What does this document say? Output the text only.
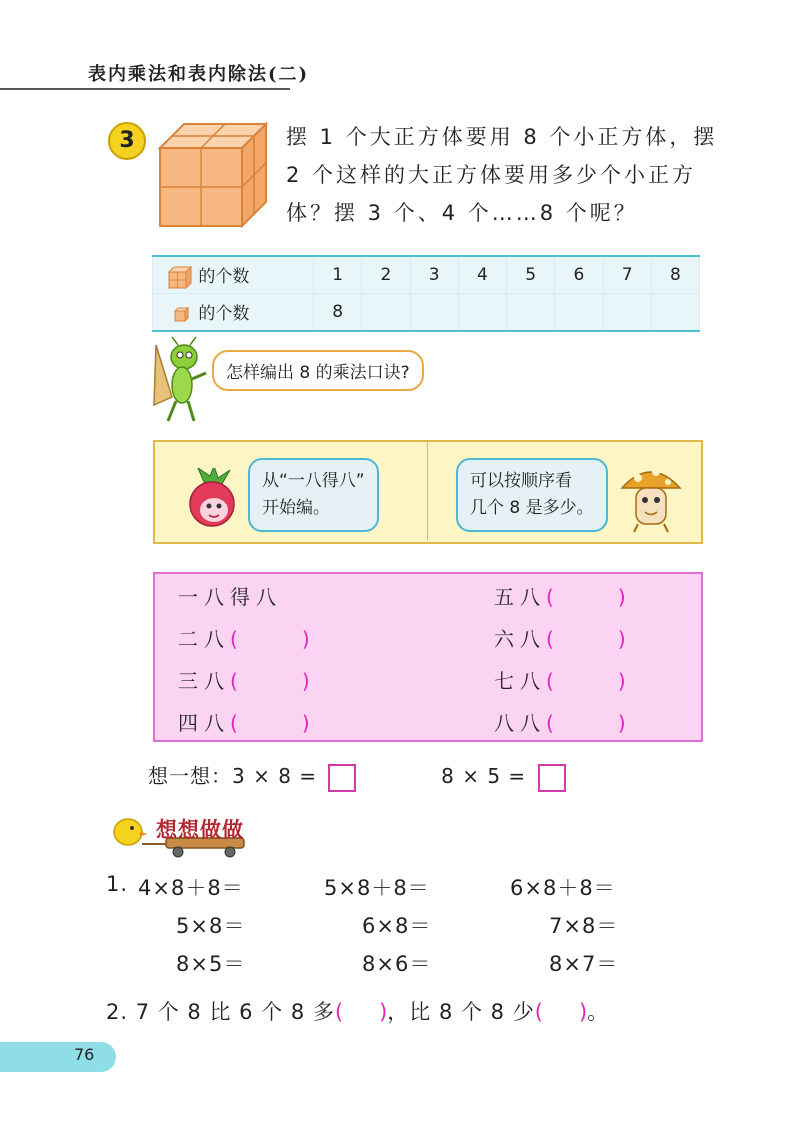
表内乘法和表内除法(二)
3	摆 1 个大正方体要用 8 个小正方体，摆

2 个这样的大正方体要用多少个小正方

体？摆 3 个、4 个……8 个呢？

的个数	1	2	3	4	5	6	7	8
的个数	8							
怎样编出 8 的乘法口诀?
从“一八得八”
开始编。
可以按顺序看
几个 8 是多少。
一八得八
二八(	)
三八(	)
四八(	)
五八(	)
六八(	)
七八(	)
八八(	)
想一想：3 × 8 =	8 × 5 =
想想做做
1. 4×8＋8＝	5×8＋8＝	6×8＋8＝
5×8＝	6×8＝	7×8＝
8×5＝	8×6＝	8×7＝
2. 7 个 8 比 6 个 8 多( )，比 8 个 8 少( )。
76
